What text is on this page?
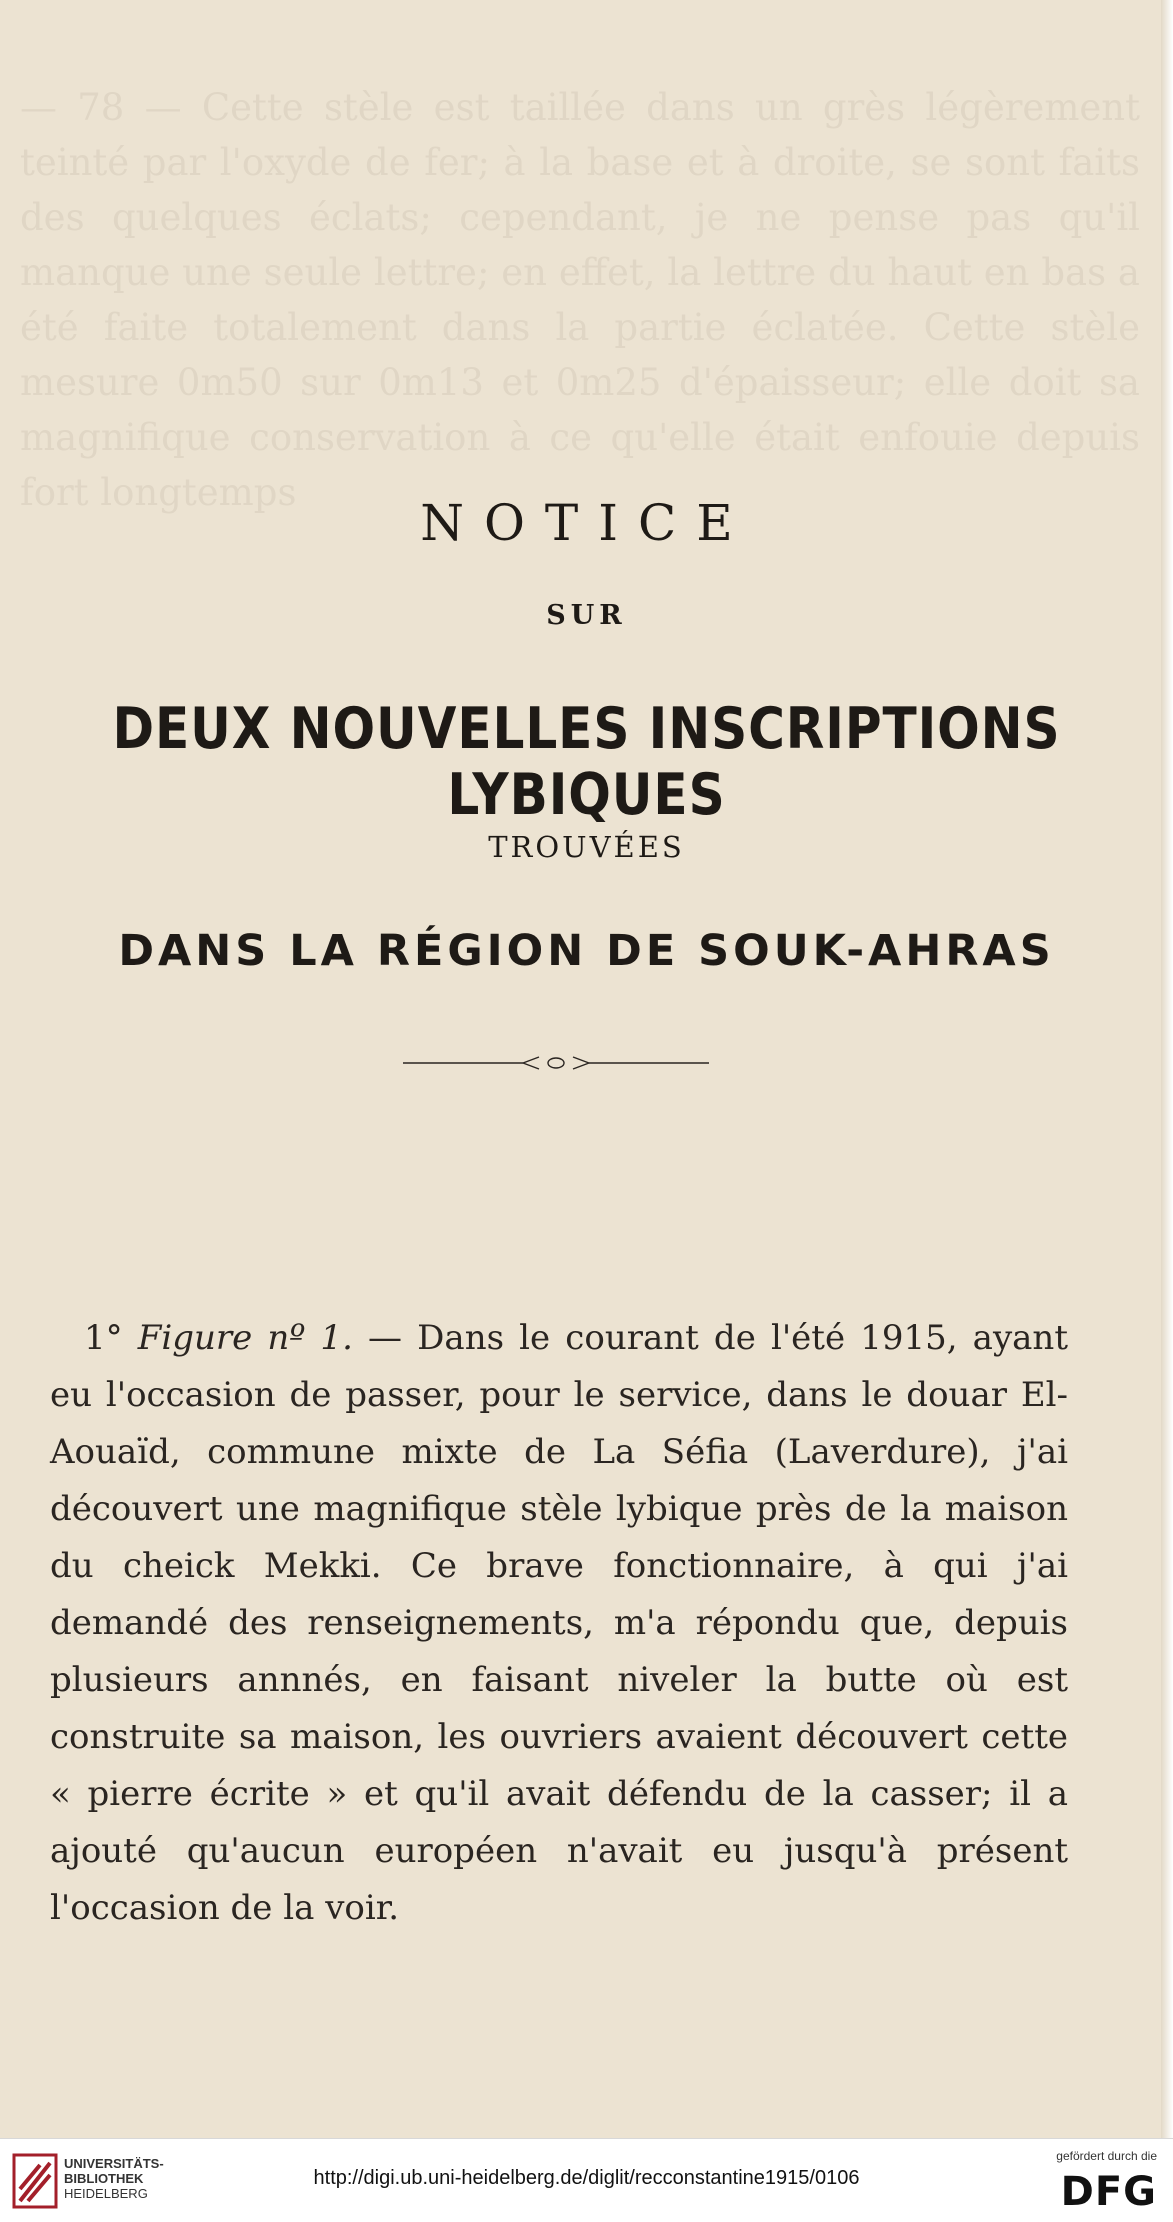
— 78 — Cette stèle est taillée dans un grès légèrement teinté par l'oxyde de fer; à la base et à droite, se sont faits des quelques éclats; cependant, je ne pense pas qu'il manque une seule lettre; en effet, la lettre du haut en bas a été faite totalement dans la partie éclatée. Cette stèle mesure 0m50 sur 0m13 et 0m25 d'épaisseur; elle doit sa magnifique conservation à ce qu'elle était enfouie depuis fort longtemps
NOTICE
SUR
DEUX NOUVELLES INSCRIPTIONS LYBIQUES
TROUVÉES
DANS LA RÉGION DE SOUK-AHRAS
1° Figure nº 1. — Dans le courant de l'été 1915, ayant eu l'occasion de passer, pour le service, dans le douar El-Aouaïd, commune mixte de La Séfia (Laverdure), j'ai découvert une magnifique stèle lybique près de la maison du cheick Mekki. Ce brave fonctionnaire, à qui j'ai demandé des renseignements, m'a répondu que, depuis plusieurs annnés, en faisant niveler la butte où est construite sa maison, les ouvriers avaient découvert cette « pierre écrite » et qu'il avait défendu de la casser; il a ajouté qu'aucun européen n'avait eu jusqu'à présent l'occasion de la voir.
UNIVERSITÄTS-
BIBLIOTHEK
HEIDELBERG
http://digi.ub.uni-heidelberg.de/diglit/recconstantine1915/0106
gefördert durch die
DFG
